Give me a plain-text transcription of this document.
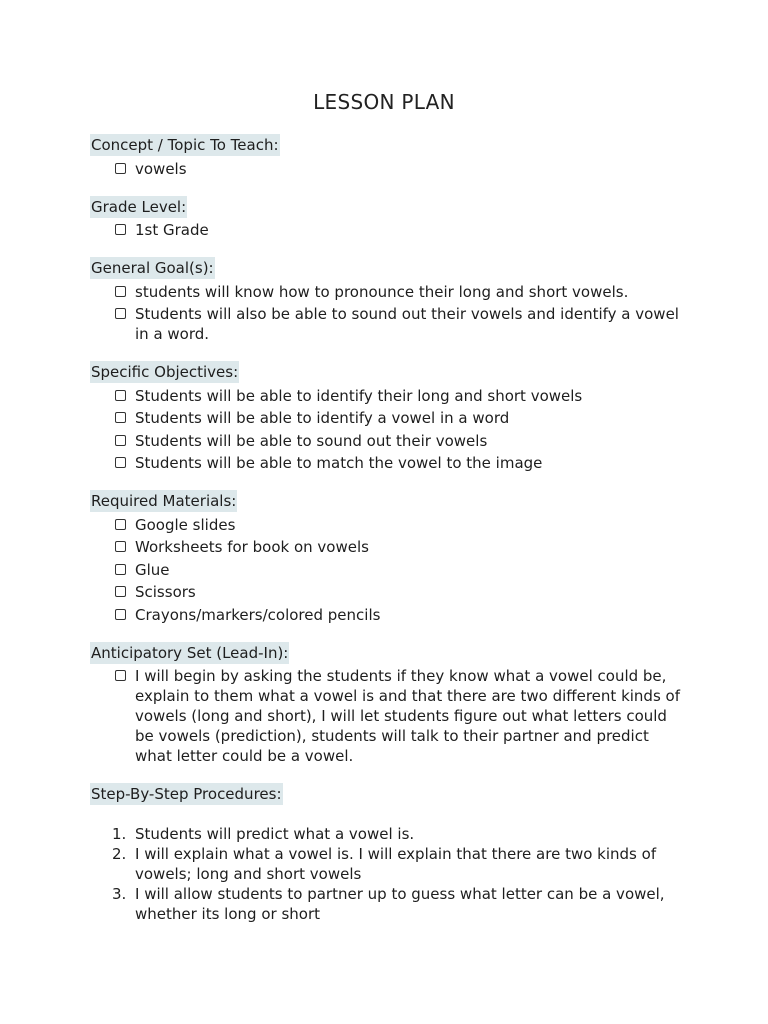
LESSON PLAN
Concept / Topic To Teach:
vowels
Grade Level:
1st Grade
General Goal(s):
students will know how to pronounce their long and short vowels.
Students will also be able to sound out their vowels and identify a vowel in a word.
Specific Objectives:
Students will be able to identify their long and short vowels
Students will be able to identify a vowel in a word
Students will be able to sound out their vowels
Students will be able to match the vowel to the image
Required Materials:
Google slides
Worksheets for book on vowels
Glue
Scissors
Crayons/markers/colored pencils
Anticipatory Set (Lead-In):
I will begin by asking the students if they know what a vowel could be, explain to them what a vowel is and that there are two different kinds of vowels (long and short), I will let students figure out what letters could be vowels (prediction), students will talk to their partner and predict what letter could be a vowel.
Step-By-Step Procedures:
1. Students will predict what a vowel is.
2. I will explain what a vowel is. I will explain that there are two kinds of vowels; long and short vowels
3. I will allow students to partner up to guess what letter can be a vowel, whether its long or short
